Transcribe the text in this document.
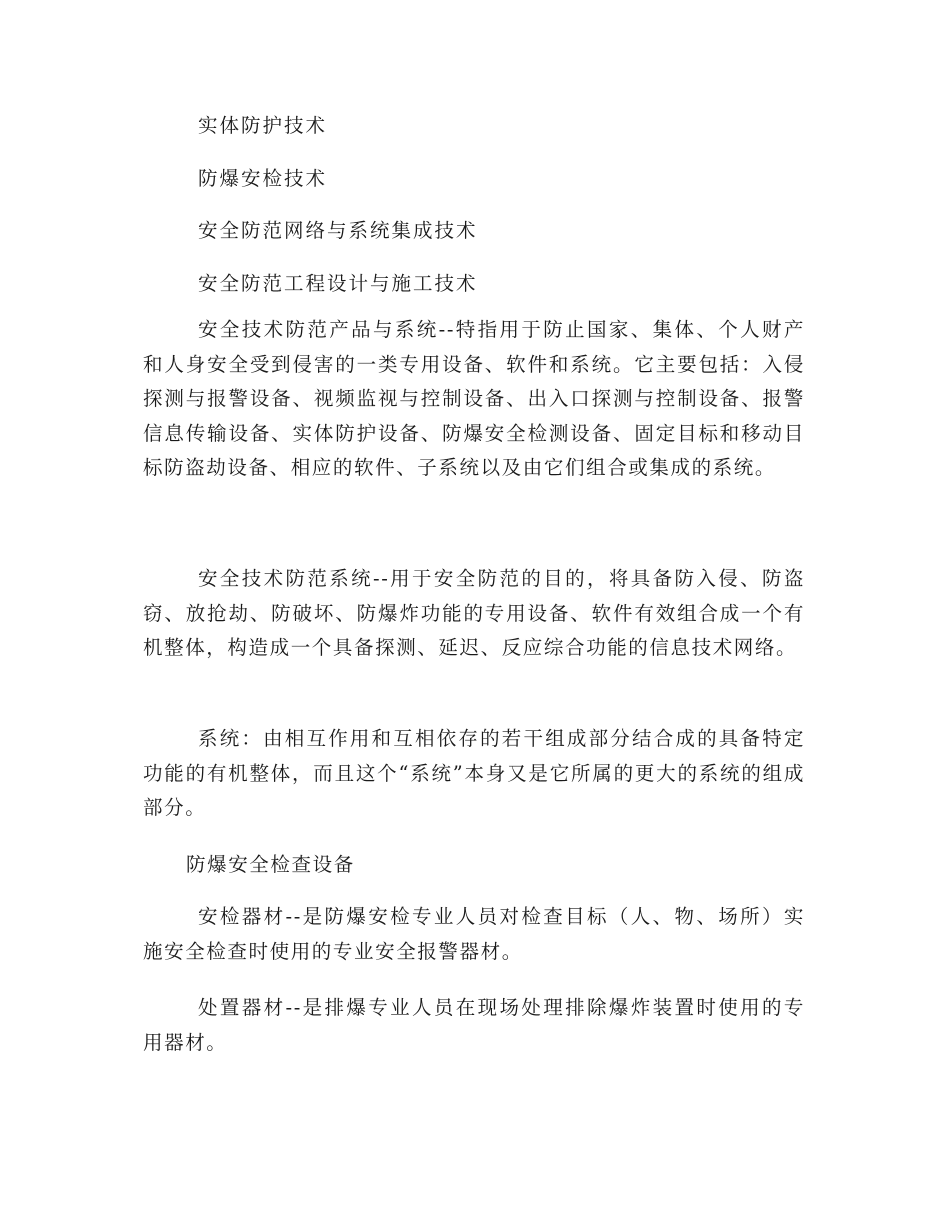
实体防护技术
防爆安检技术
安全防范网络与系统集成技术
安全防范工程设计与施工技术

安全技术防范产品与系统--特指用于防止国家、集体、个人财产和人身安全受到侵害的一类专用设备、软件和系统。它主要包括：入侵探测与报警设备、视频监视与控制设备、出入口探测与控制设备、报警信息传输设备、实体防护设备、防爆安全检测设备、固定目标和移动目标防盗劫设备、相应的软件、子系统以及由它们组合或集成的系统。

安全技术防范系统--用于安全防范的目的，将具备防入侵、防盗窃、放抢劫、防破坏、防爆炸功能的专用设备、软件有效组合成一个有机整体，构造成一个具备探测、延迟、反应综合功能的信息技术网络。

系统：由相互作用和互相依存的若干组成部分结合成的具备特定功能的有机整体，而且这个“系统”本身又是它所属的更大的系统的组成部分。

防爆安全检查设备

安检器材--是防爆安检专业人员对检查目标（人、物、场所）实施安全检查时使用的专业安全报警器材。

处置器材--是排爆专业人员在现场处理排除爆炸装置时使用的专用器材。
